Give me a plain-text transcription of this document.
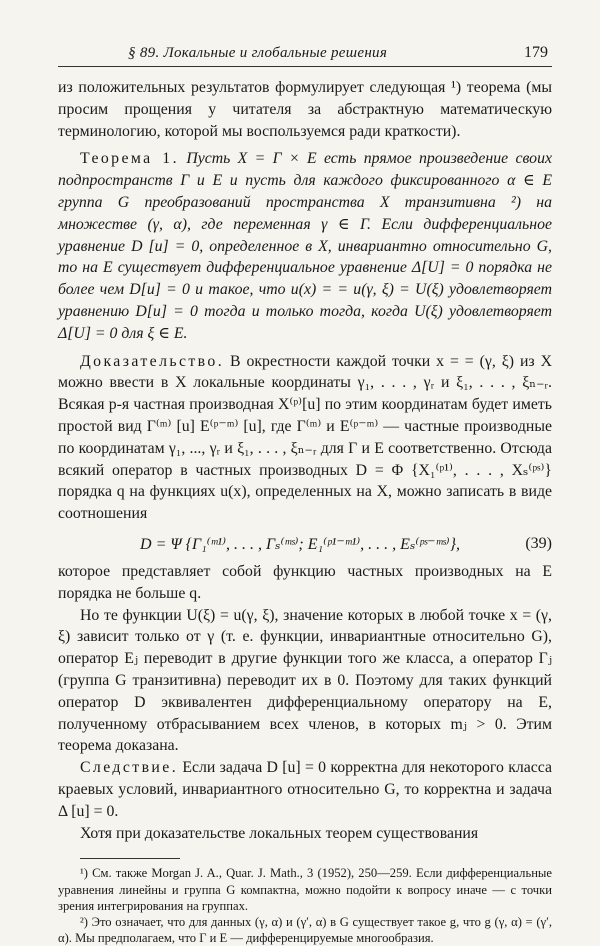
§ 89. Локальные и глобальные решения	179

из положительных результатов формулирует следующая ¹) теорема (мы просим прощения у читателя за абстрактную математическую терминологию, которой мы воспользуемся ради краткости).

Теорема 1. Пусть X = Γ × E есть прямое произведение своих подпространств Γ и E и пусть для каждого фиксированного α ∈ E группа G преобразований пространства X транзитивна ²) на множестве (γ, α), где переменная γ ∈ Γ. Если дифференциальное уравнение D [u] = 0, определенное в X, инвариантно относительно G, то на E существует дифференциальное уравнение Δ[U] = 0 порядка не более чем D[u] = 0 и такое, что u(x) = = u(γ, ξ) = U(ξ) удовлетворяет уравнению D[u] = 0 тогда и только тогда, когда U(ξ) удовлетворяет Δ[U] = 0 для ξ ∈ E.

Доказательство. В окрестности каждой точки x = = (γ, ξ) из X можно ввести в X локальные координаты γ₁, . . . , γᵣ и ξ₁, . . . , ξₙ₋ᵣ. Всякая p-я частная производная X⁽ᵖ⁾[u] по этим координатам будет иметь простой вид Γ⁽ᵐ⁾ [u] E⁽ᵖ⁻ᵐ⁾ [u], где Γ⁽ᵐ⁾ и E⁽ᵖ⁻ᵐ⁾ — частные производные по координатам γ₁, ..., γᵣ и ξ₁, . . . , ξₙ₋ᵣ для Γ и E соответственно. Отсюда всякий оператор в частных производных D = Φ {X₁⁽ᵖ¹⁾, . . . , Xₛ⁽ᵖˢ⁾} порядка q на функциях u(x), определенных на X, можно записать в виде соотношения

D = Ψ {Γ₁⁽ᵐ¹⁾, . . . , Γₛ⁽ᵐˢ⁾; E₁⁽ᵖ¹⁻ᵐ¹⁾, . . . , Eₛ⁽ᵖˢ⁻ᵐˢ⁾},	(39)

которое представляет собой функцию частных производных на E порядка не больше q.

Но те функции U(ξ) = u(γ, ξ), значение которых в любой точке x = (γ, ξ) зависит только от γ (т. е. функции, инвариантные относительно G), оператор Eⱼ переводит в другие функции того же класса, а оператор Γⱼ (группа G транзитивна) переводит их в 0. Поэтому для таких функций оператор D эквивалентен дифференциальному оператору на E, полученному отбрасыванием всех членов, в которых mⱼ > 0. Этим теорема доказана.

Следствие. Если задача D [u] = 0 корректна для некоторого класса краевых условий, инвариантного относительно G, то корректна и задача Δ [u] = 0.

Хотя при доказательстве локальных теорем существования

¹) См. также Morgan J. A., Quar. J. Math., 3 (1952), 250—259. Если дифференциальные уравнения линейны и группа G компактна, можно подойти к вопросу иначе — с точки зрения интегрирования на группах.

²) Это означает, что для данных (γ, α) и (γ′, α) в G существует такое g, что g (γ, α) = (γ′, α). Мы предполагаем, что Γ и E — дифференцируемые многообразия.
